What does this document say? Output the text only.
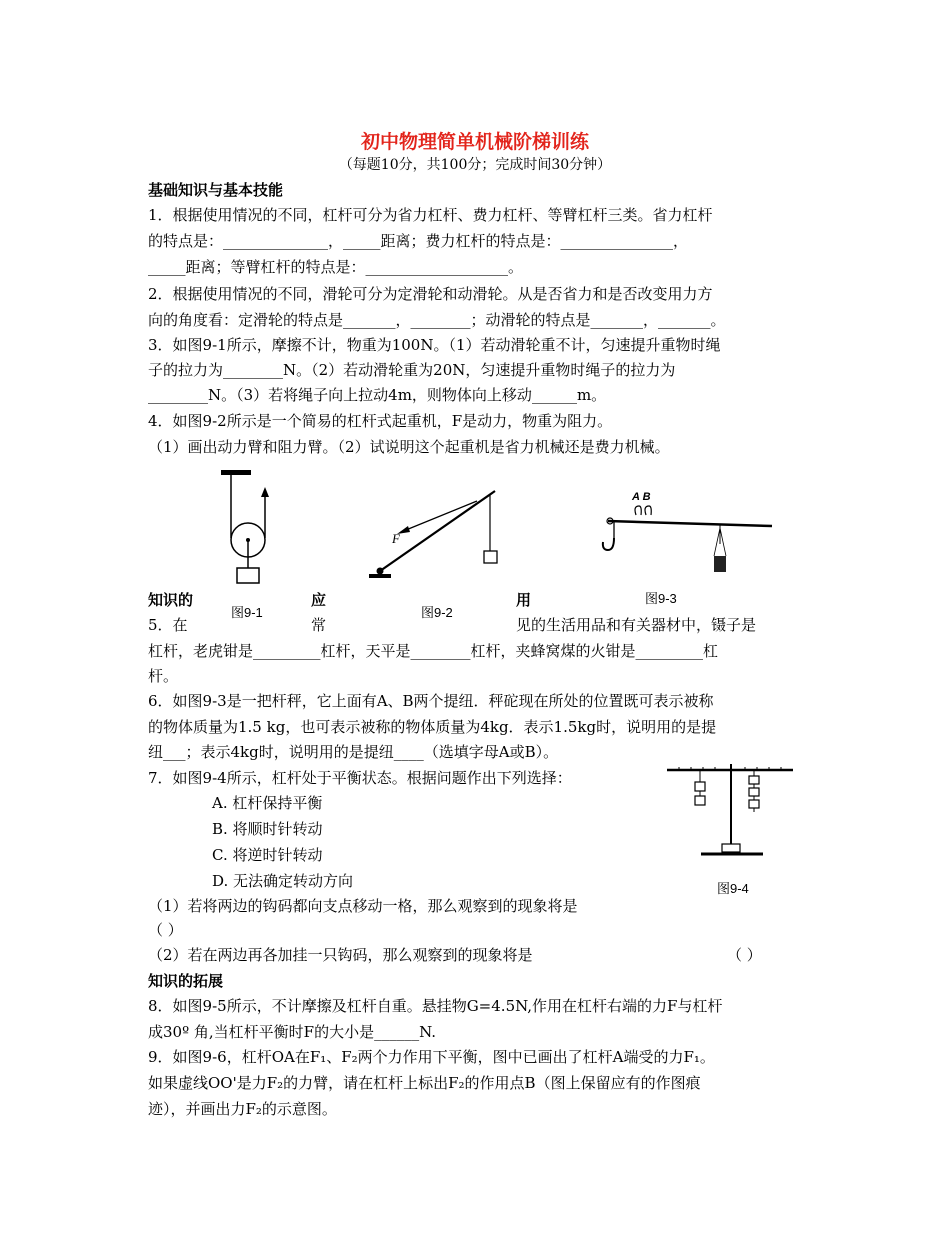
初中物理简单机械阶梯训练
（每题10分，共100分；完成时间30分钟）
基础知识与基本技能
1．根据使用情况的不同，杠杆可分为省力杠杆、费力杠杆、等臂杠杆三类。省力杠杆
的特点是：______________，_____距离；费力杠杆的特点是：_______________，
_____距离；等臂杠杆的特点是：___________________。
2．根据使用情况的不同，滑轮可分为定滑轮和动滑轮。从是否省力和是否改变用力方
向的角度看：定滑轮的特点是_______，________；动滑轮的特点是_______，_______。
3．如图9-1所示，摩擦不计，物重为100N。（1）若动滑轮重不计，匀速提升重物时绳
子的拉力为________N。（2）若动滑轮重为20N，匀速提升重物时绳子的拉力为
________N。（3）若将绳子向上拉动4m，则物体向上移动______m。
4．如图9-2所示是一个简易的杠杆式起重机，F是动力，物重为阻力。
（1）画出动力臂和阻力臂。（2）试说明这个起重机是省力机械还是费力机械。
F
A B
知识的	应	用
图9-1	图9-2
图9-3
5．在	常	见的生活用品和有关器材中，镊子是
杠杆，老虎钳是_________杠杆，天平是________杠杆，夹蜂窝煤的火钳是_________杠
杆。
6．如图9-3是一把杆秤，它上面有A、B两个提纽．秤砣现在所处的位置既可表示被称
的物体质量为1.5 kg，也可表示被称的物体质量为4kg．表示1.5kg时，说明用的是提
纽___；表示4kg时，说明用的是提纽____（选填字母A或B）。
7．如图9-4所示，杠杆处于平衡状态。根据问题作出下列选择：
A. 杠杆保持平衡
B. 将顺时针转动
C. 将逆时针转动
D. 无法确定转动方向
（1）若将两边的钩码都向支点移动一格，那么观察到的现象将是
（ ）
（2）若在两边再各加挂一只钩码，那么观察到的现象将是	（ ）
图9-4
知识的拓展
8．如图9-5所示，不计摩擦及杠杆自重。悬挂物G=4.5N,作用在杠杆右端的力F与杠杆
成30º 角,当杠杆平衡时F的大小是______N.
9．如图9-6，杠杆OA在F₁、F₂两个力作用下平衡，图中已画出了杠杆A端受的力F₁。
如果虚线OO'是力F₂的力臂，请在杠杆上标出F₂的作用点B（图上保留应有的作图痕
迹），并画出力F₂的示意图。
